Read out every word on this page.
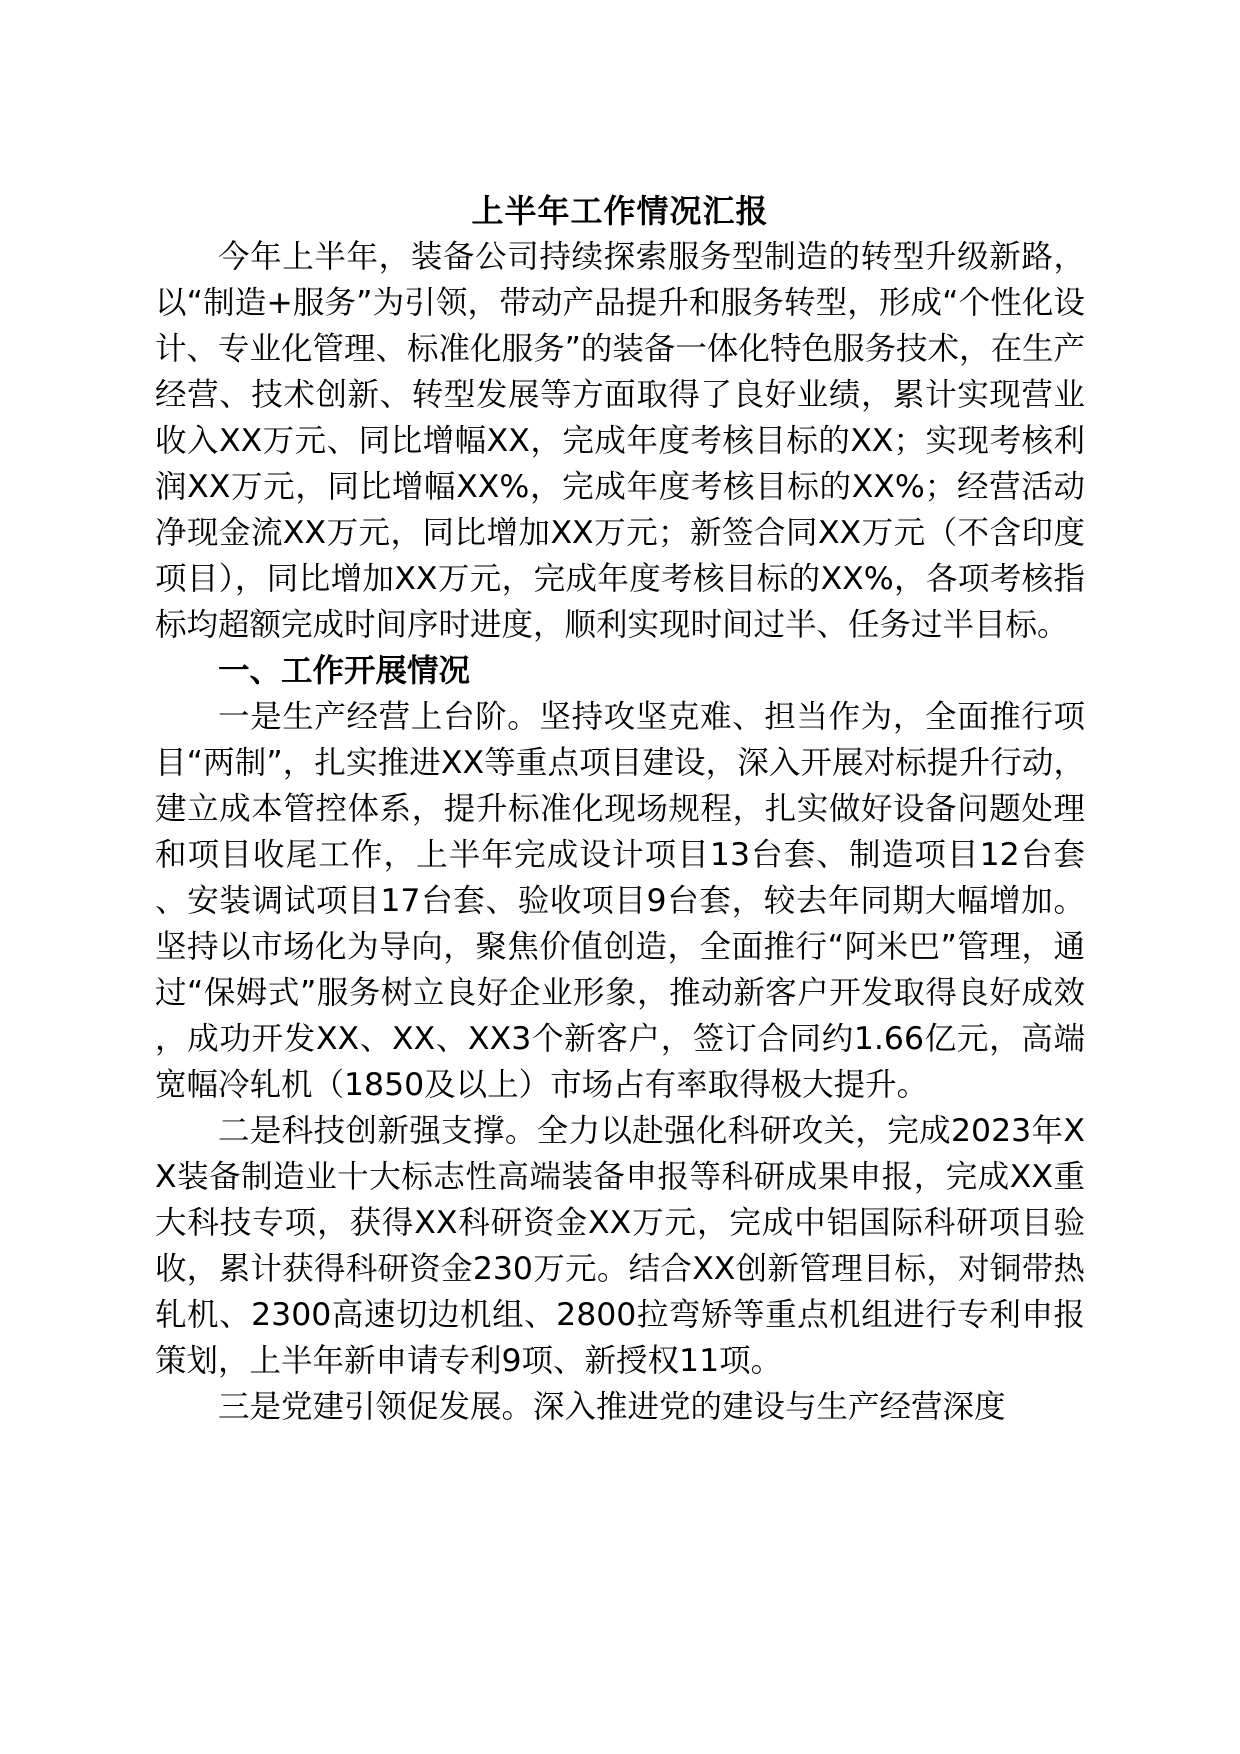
上半年工作情况汇报

今年上半年，装备公司持续探索服务型制造的转型升级新路，以“制造+服务”为引领，带动产品提升和服务转型，形成“个性化设计、专业化管理、标准化服务”的装备一体化特色服务技术，在生产经营、技术创新、转型发展等方面取得了良好业绩，累计实现营业收入XX万元、同比增幅XX，完成年度考核目标的XX；实现考核利润XX万元，同比增幅XX%，完成年度考核目标的XX%；经营活动净现金流XX万元，同比增加XX万元；新签合同XX万元（不含印度项目），同比增加XX万元，完成年度考核目标的XX%，各项考核指标均超额完成时间序时进度，顺利实现时间过半、任务过半目标。

一、工作开展情况

一是生产经营上台阶。坚持攻坚克难、担当作为，全面推行项目“两制”，扎实推进XX等重点项目建设，深入开展对标提升行动，建立成本管控体系，提升标准化现场规程，扎实做好设备问题处理和项目收尾工作，上半年完成设计项目13台套、制造项目12台套、安装调试项目17台套、验收项目9台套，较去年同期大幅增加。坚持以市场化为导向，聚焦价值创造，全面推行“阿米巴”管理，通过“保姆式”服务树立良好企业形象，推动新客户开发取得良好成效，成功开发XX、XX、XX3个新客户，签订合同约1.66亿元，高端宽幅冷轧机（1850及以上）市场占有率取得极大提升。

二是科技创新强支撑。全力以赴强化科研攻关，完成2023年XX装备制造业十大标志性高端装备申报等科研成果申报，完成XX重大科技专项，获得XX科研资金XX万元，完成中铝国际科研项目验收，累计获得科研资金230万元。结合XX创新管理目标，对铜带热轧机、2300高速切边机组、2800拉弯矫等重点机组进行专利申报策划，上半年新申请专利9项、新授权11项。

三是党建引领促发展。深入推进党的建设与生产经营深度
